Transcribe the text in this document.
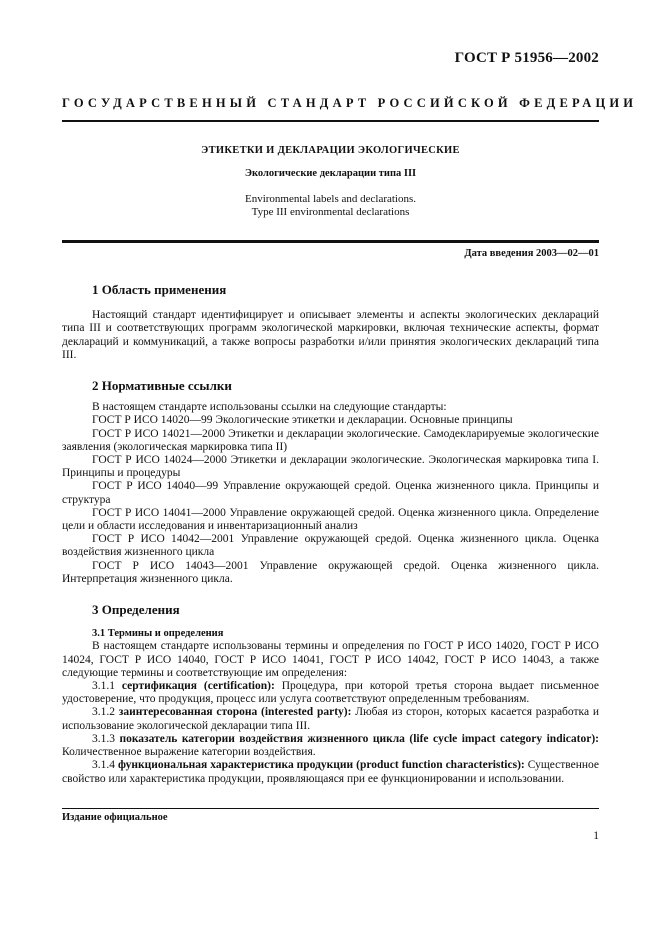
ГОСТ Р 51956—2002
ГОСУДАРСТВЕННЫЙ СТАНДАРТ РОССИЙСКОЙ ФЕДЕРАЦИИ
ЭТИКЕТКИ И ДЕКЛАРАЦИИ ЭКОЛОГИЧЕСКИЕ
Экологические декларации типа III
Environmental labels and declarations.
Type III environmental declarations
Дата введения 2003—02—01
1 Область применения

Настоящий стандарт идентифицирует и описывает элементы и аспекты экологических деклараций типа III и соответствующих программ экологической маркировки, включая технические аспекты, формат деклараций и коммуникаций, а также вопросы разработки и/или принятия экологических деклараций типа III.

2 Нормативные ссылки

В настоящем стандарте использованы ссылки на следующие стандарты:

ГОСТ Р ИСО 14020—99 Экологические этикетки и декларации. Основные принципы

ГОСТ Р ИСО 14021—2000 Этикетки и декларации экологические. Самодекларируемые экологические заявления (экологическая маркировка типа II)

ГОСТ Р ИСО 14024—2000 Этикетки и декларации экологические. Экологическая маркировка типа I. Принципы и процедуры

ГОСТ Р ИСО 14040—99 Управление окружающей средой. Оценка жизненного цикла. Принципы и структура

ГОСТ Р ИСО 14041—2000 Управление окружающей средой. Оценка жизненного цикла. Определение цели и области исследования и инвентаризационный анализ

ГОСТ Р ИСО 14042—2001 Управление окружающей средой. Оценка жизненного цикла. Оценка воздействия жизненного цикла

ГОСТ Р ИСО 14043—2001 Управление окружающей средой. Оценка жизненного цикла. Интерпретация жизненного цикла.

3 Определения
3.1 Термины и определения

В настоящем стандарте использованы термины и определения по ГОСТ Р ИСО 14020, ГОСТ Р ИСО 14024, ГОСТ Р ИСО 14040, ГОСТ Р ИСО 14041, ГОСТ Р ИСО 14042, ГОСТ Р ИСО 14043, а также следующие термины и соответствующие им определения:

3.1.1 сертификация (certification): Процедура, при которой третья сторона выдает письменное удостоверение, что продукция, процесс или услуга соответствуют определенным требованиям.

3.1.2 заинтересованная сторона (interested party): Любая из сторон, которых касается разработка и использование экологической декларации типа III.

3.1.3 показатель категории воздействия жизненного цикла (life cycle impact category indicator): Количественное выражение категории воздействия.

3.1.4 функциональная характеристика продукции (product function characteristics): Существенное свойство или характеристика продукции, проявляющаяся при ее функционировании и использовании.

Издание официальное
1
